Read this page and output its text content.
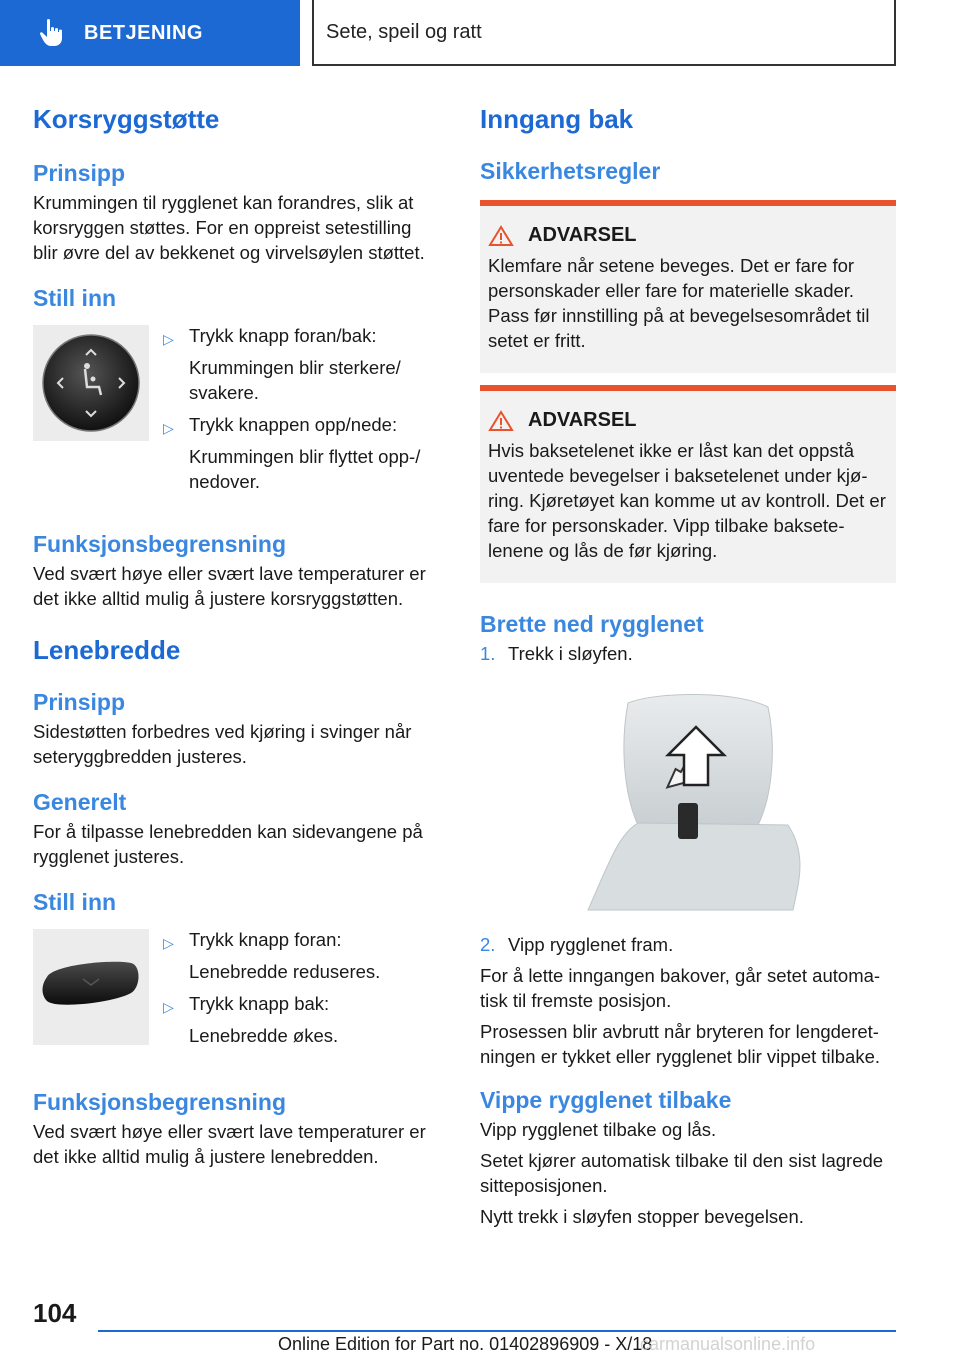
BETJENING	Sete, speil og ratt
Korsryggstøtte
Prinsipp

Krummingen til rygglenet kan forandres, slik at korsryggen støttes. For en oppreist setestilling blir øvre del av bekkenet og virvelsøylen støttet.

Still inn
▷ Trykk knapp foran/bak:
Krummingen blir sterkere/ svakere.
▷ Trykk knappen opp/nede:
Krummingen blir flyttet opp-/ nedover.
Funksjonsbegrensning

Ved svært høye eller svært lave temperaturer er det ikke alltid mulig å justere korsryggstøtten.

Lenebredde
Prinsipp

Sidestøtten forbedres ved kjøring i svinger når seteryggbredden justeres.

Generelt

For å tilpasse lenebredden kan sidevangene på rygglenet justeres.

Still inn
▷ Trykk knapp foran:
Lenebredde reduseres.
▷ Trykk knapp bak:
Lenebredde økes.
Funksjonsbegrensning

Ved svært høye eller svært lave temperaturer er det ikke alltid mulig å justere lenebredden.

Inngang bak
Sikkerhetsregler
ADVARSEL

Klemfare når setene beveges. Det er fare for personskader eller fare for materielle skader. Pass før innstilling på at bevegelsesområdet til setet er fritt.

ADVARSEL

Hvis baksetelenet ikke er låst kan det oppstå uventede bevegelser i baksetelenet under kjø-ring. Kjøretøyet kan komme ut av kontroll. Det er fare for personskader. Vipp tilbake baksete-lenene og lås de før kjøring.

Brette ned rygglenet
1. Trekk i sløyfen.
2. Vipp rygglenet fram.

For å lette inngangen bakover, går setet automa-tisk til fremste posisjon.

Prosessen blir avbrutt når bryteren for lengderet-ningen er tykket eller rygglenet blir vippet tilbake.

Vippe rygglenet tilbake

Vipp rygglenet tilbake og lås.

Setet kjører automatisk tilbake til den sist lagrede sitteposisjonen.

Nytt trekk i sløyfen stopper bevegelsen.

104
Online Edition for Part no. 01402896909 - X/18
carmanualsonline.info
